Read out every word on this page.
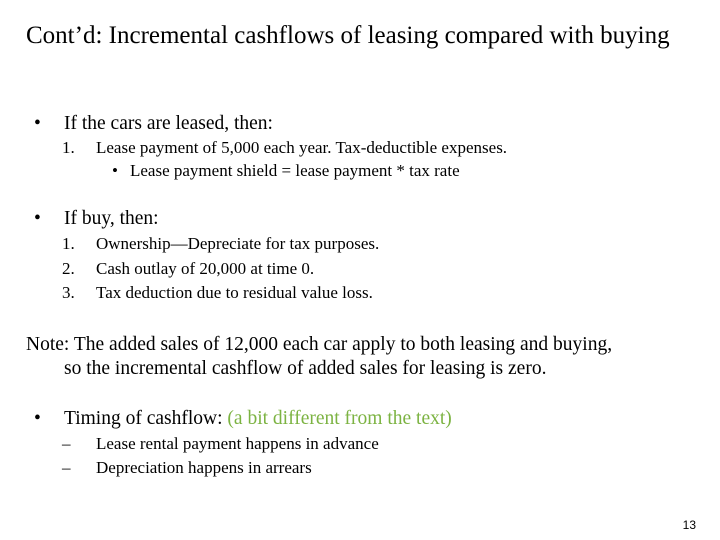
Cont’d: Incremental cashflows of leasing compared with buying
• If the cars are leased, then:
1. Lease payment of 5,000 each year. Tax-deductible expenses.
• Lease payment shield = lease payment * tax rate
• If buy, then:
1. Ownership—Depreciate for tax purposes.
2. Cash outlay of 20,000 at time 0.
3. Tax deduction due to residual value loss.
Note: The added sales of 12,000 each car apply to both leasing and buying,
so the incremental cashflow of added sales for leasing is zero.
• Timing of cashflow: (a bit different from the text)
– Lease rental payment happens in advance
– Depreciation happens in arrears
13
